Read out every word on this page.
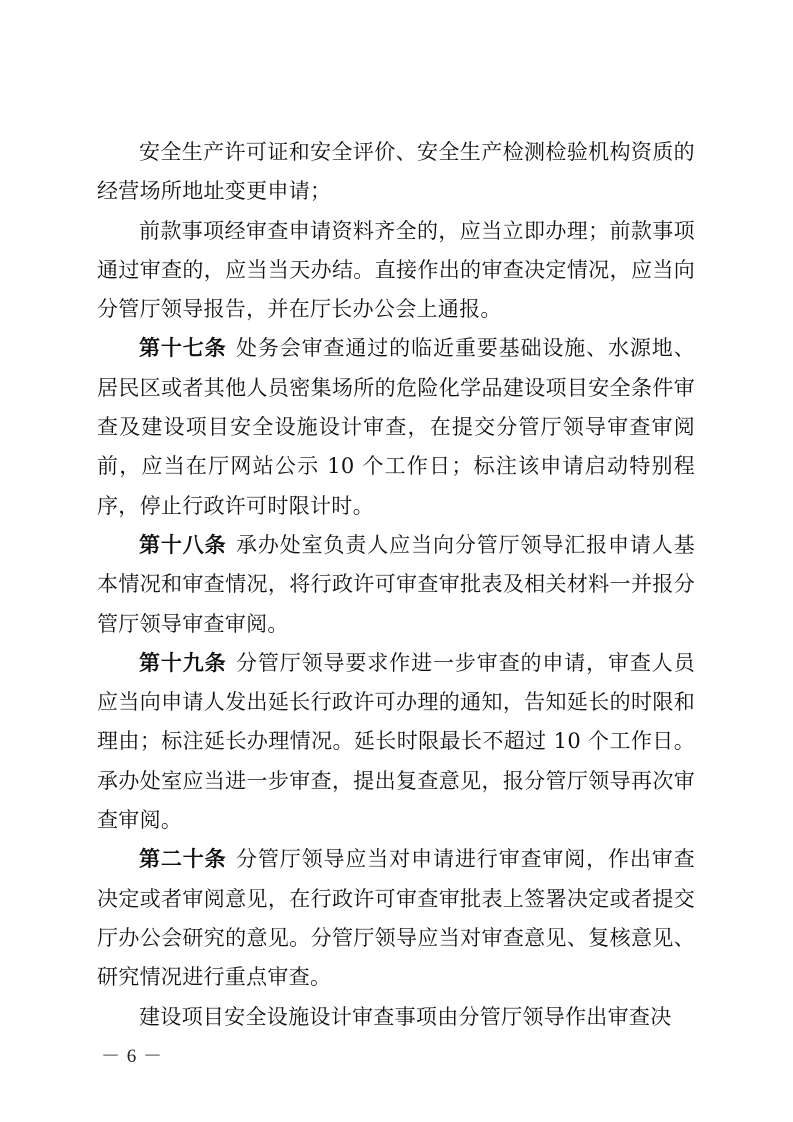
安全生产许可证和安全评价、安全生产检测检验机构资质的经营场所地址变更申请；

前款事项经审查申请资料齐全的，应当立即办理；前款事项通过审查的，应当当天办结。直接作出的审查决定情况，应当向分管厅领导报告，并在厅长办公会上通报。

第十七条 处务会审查通过的临近重要基础设施、水源地、居民区或者其他人员密集场所的危险化学品建设项目安全条件审查及建设项目安全设施设计审查，在提交分管厅领导审查审阅前，应当在厅网站公示 10 个工作日；标注该申请启动特别程序，停止行政许可时限计时。

第十八条 承办处室负责人应当向分管厅领导汇报申请人基本情况和审查情况，将行政许可审查审批表及相关材料一并报分管厅领导审查审阅。

第十九条 分管厅领导要求作进一步审查的申请，审查人员应当向申请人发出延长行政许可办理的通知，告知延长的时限和理由；标注延长办理情况。延长时限最长不超过 10 个工作日。承办处室应当进一步审查，提出复查意见，报分管厅领导再次审查审阅。

第二十条 分管厅领导应当对申请进行审查审阅，作出审查决定或者审阅意见，在行政许可审查审批表上签署决定或者提交厅办公会研究的意见。分管厅领导应当对审查意见、复核意见、研究情况进行重点审查。

建设项目安全设施设计审查事项由分管厅领导作出审查决

－ 6 －
